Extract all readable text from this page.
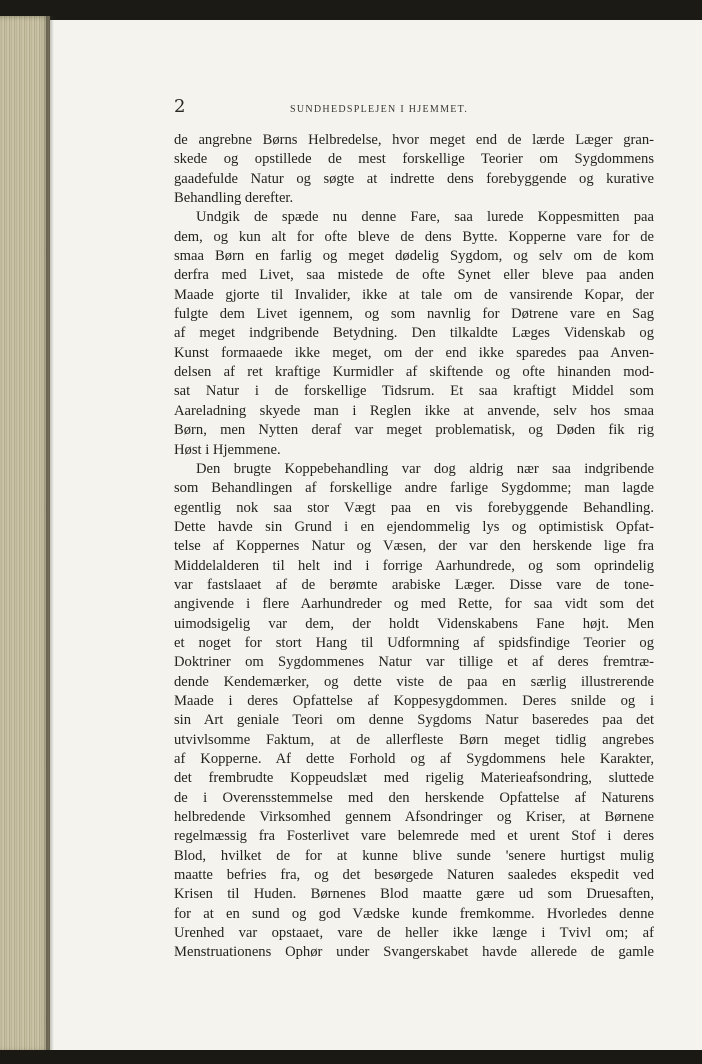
2	SUNDHEDSPLEJEN I HJEMMET.
de angrebne Børns Helbredelse, hvor meget end de lærde Læger gran-
skede og opstillede de mest forskellige Teorier om Sygdommens
gaadefulde Natur og søgte at indrette dens forebyggende og kurative
Behandling derefter.
Undgik de spæde nu denne Fare, saa lurede Koppesmitten paa
dem, og kun alt for ofte bleve de dens Bytte. Kopperne vare for de
smaa Børn en farlig og meget dødelig Sygdom, og selv om de kom
derfra med Livet, saa mistede de ofte Synet eller bleve paa anden
Maade gjorte til Invalider, ikke at tale om de vansirende Kopar, der
fulgte dem Livet igennem, og som navnlig for Døtrene vare en Sag
af meget indgribende Betydning. Den tilkaldte Læges Videnskab og
Kunst formaaede ikke meget, om der end ikke sparedes paa Anven-
delsen af ret kraftige Kurmidler af skiftende og ofte hinanden mod-
sat Natur i de forskellige Tidsrum. Et saa kraftigt Middel som
Aareladning skyede man i Reglen ikke at anvende, selv hos smaa
Børn, men Nytten deraf var meget problematisk, og Døden fik rig
Høst i Hjemmene.
Den brugte Koppebehandling var dog aldrig nær saa indgribende
som Behandlingen af forskellige andre farlige Sygdomme; man lagde
egentlig nok saa stor Vægt paa en vis forebyggende Behandling.
Dette havde sin Grund i en ejendommelig lys og optimistisk Opfat-
telse af Koppernes Natur og Væsen, der var den herskende lige fra
Middelalderen til helt ind i forrige Aarhundrede, og som oprindelig
var fastslaaet af de berømte arabiske Læger. Disse vare de tone-
angivende i flere Aarhundreder og med Rette, for saa vidt som det
uimodsigelig var dem, der holdt Videnskabens Fane højt. Men
et noget for stort Hang til Udformning af spidsfindige Teorier og
Doktriner om Sygdommenes Natur var tillige et af deres fremtræ-
dende Kendemærker, og dette viste de paa en særlig illustrerende
Maade i deres Opfattelse af Koppesygdommen. Deres snilde og i
sin Art geniale Teori om denne Sygdoms Natur baseredes paa det
utvivlsomme Faktum, at de allerfleste Børn meget tidlig angrebes
af Kopperne. Af dette Forhold og af Sygdommens hele Karakter,
det frembrudte Koppeudslæt med rigelig Materieafsondring, sluttede
de i Overensstemmelse med den herskende Opfattelse af Naturens
helbredende Virksomhed gennem Afsondringer og Kriser, at Børnene
regelmæssig fra Fosterlivet vare belemrede med et urent Stof i deres
Blod, hvilket de for at kunne blive sunde 'senere hurtigst mulig
maatte befries fra, og det besørgede Naturen saaledes ekspedit ved
Krisen til Huden. Børnenes Blod maatte gære ud som Druesaften,
for at en sund og god Vædske kunde fremkomme. Hvorledes denne
Urenhed var opstaaet, vare de heller ikke længe i Tvivl om; af
Menstruationens Ophør under Svangerskabet havde allerede de gamle
